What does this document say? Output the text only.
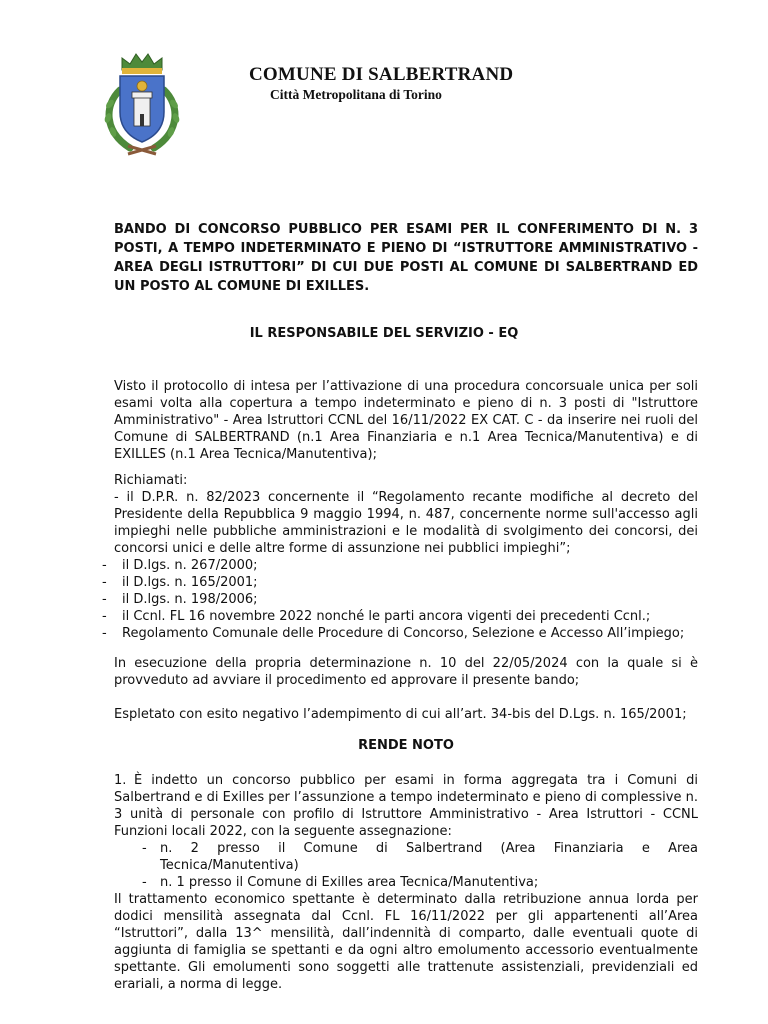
COMUNE DI SALBERTRAND
Città Metropolitana di Torino
BANDO DI CONCORSO PUBBLICO PER ESAMI PER IL CONFERIMENTO DI N. 3 POSTI, A TEMPO INDETERMINATO E PIENO DI “ISTRUTTORE AMMINISTRATIVO - AREA DEGLI ISTRUTTORI” DI CUI DUE POSTI AL COMUNE DI SALBERTRAND ED UN POSTO AL COMUNE DI EXILLES.
IL RESPONSABILE DEL SERVIZIO - EQ
Visto il protocollo di intesa per l’attivazione di una procedura concorsuale unica per soli esami volta alla copertura a tempo indeterminato e pieno di n. 3 posti di "Istruttore Amministrativo" - Area Istruttori CCNL del 16/11/2022 EX CAT. C - da inserire nei ruoli del Comune di SALBERTRAND (n.1 Area Finanziaria e n.1 Area Tecnica/Manutentiva) e di EXILLES (n.1 Area Tecnica/Manutentiva);
Richiamati:
- il D.P.R. n. 82/2023 concernente il “Regolamento recante modifiche al decreto del Presidente della Repubblica 9 maggio 1994, n. 487, concernente norme sull'accesso agli impieghi nelle pubbliche amministrazioni e le modalità di svolgimento dei concorsi, dei concorsi unici e delle altre forme di assunzione nei pubblici impieghi”;
- il D.lgs. n. 267/2000;
- il D.lgs. n. 165/2001;
- il D.lgs. n. 198/2006;
- il Ccnl. FL 16 novembre 2022 nonché le parti ancora vigenti dei precedenti Ccnl.;
- Regolamento Comunale delle Procedure di Concorso, Selezione e Accesso All’impiego;
In esecuzione della propria determinazione n. 10 del 22/05/2024 con la quale si è provveduto ad avviare il procedimento ed approvare il presente bando;
Espletato con esito negativo l’adempimento di cui all’art. 34-bis del D.Lgs. n. 165/2001;
RENDE NOTO
1. È indetto un concorso pubblico per esami in forma aggregata tra i Comuni di Salbertrand e di Exilles per l’assunzione a tempo indeterminato e pieno di complessive n. 3 unità di personale con profilo di Istruttore Amministrativo - Area Istruttori - CCNL Funzioni locali 2022, con la seguente assegnazione:
- n. 2 presso il Comune di Salbertrand (Area Finanziaria e Area Tecnica/Manutentiva)
- n. 1 presso il Comune di Exilles area Tecnica/Manutentiva;
Il trattamento economico spettante è determinato dalla retribuzione annua lorda per dodici mensilità assegnata dal Ccnl. FL 16/11/2022 per gli appartenenti all’Area “Istruttori”, dalla 13^ mensilità, dall’indennità di comparto, dalle eventuali quote di aggiunta di famiglia se spettanti e da ogni altro emolumento accessorio eventualmente spettante. Gli emolumenti sono soggetti alle trattenute assistenziali, previdenziali ed erariali, a norma di legge.
